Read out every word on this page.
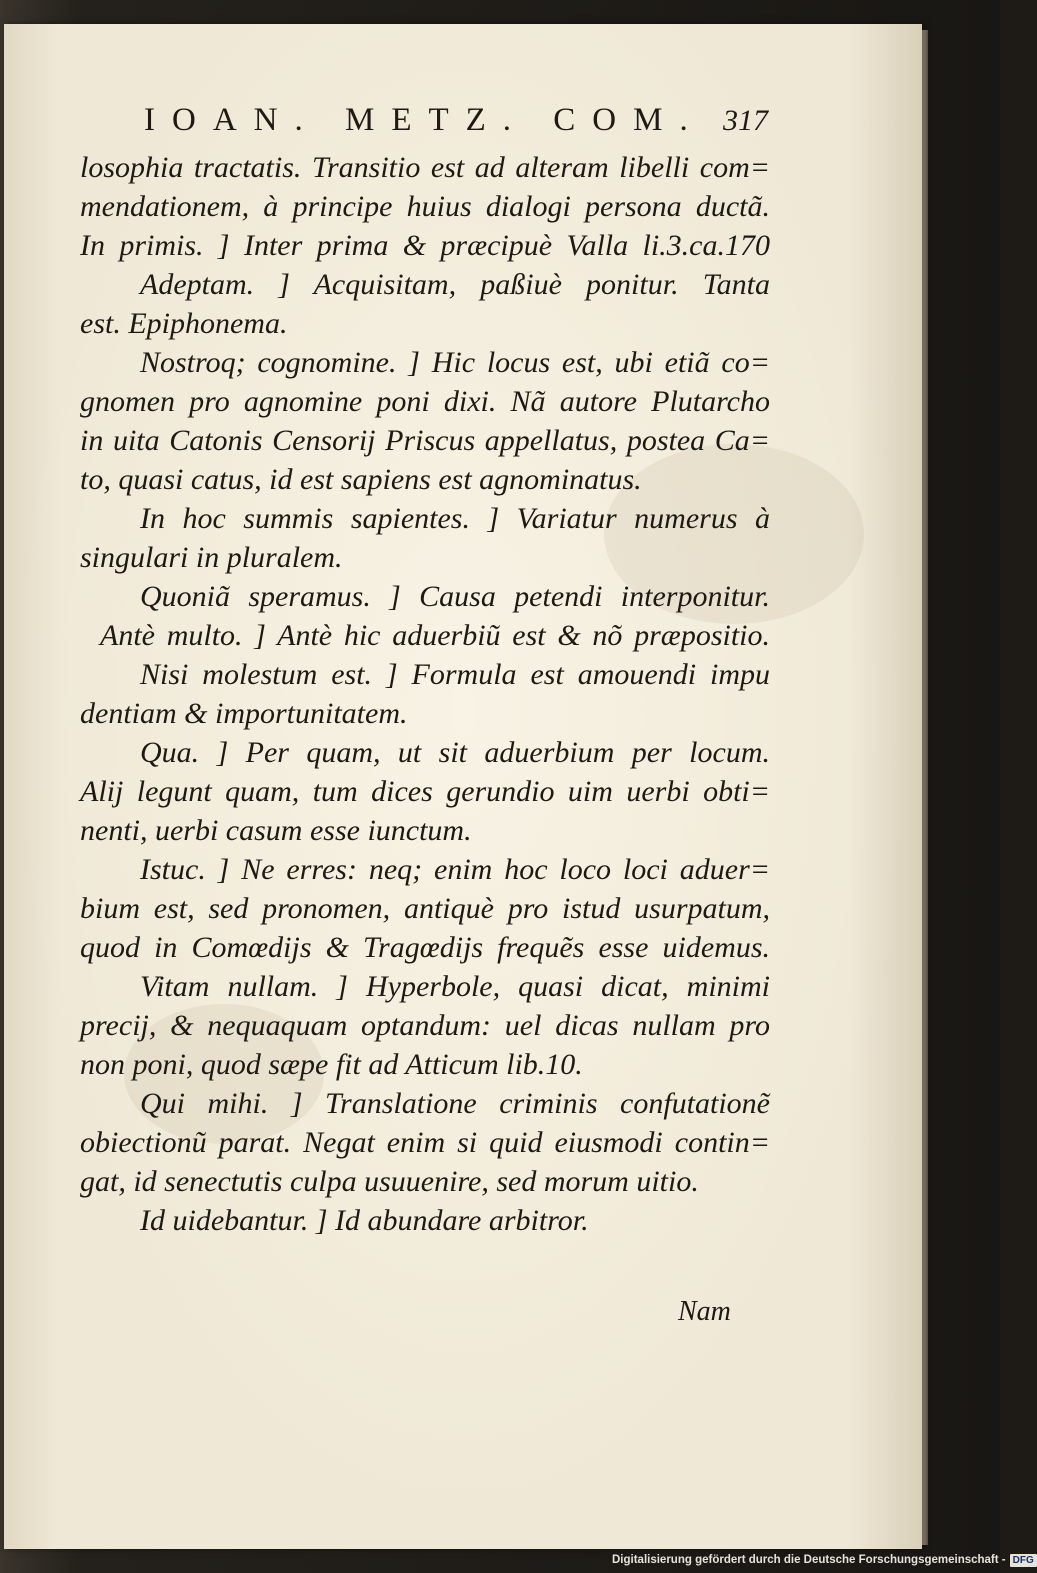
IOAN. METZ. COM. 317
losophia tractatis. Transitio est ad alteram libelli com=
mendationem, à principe huius dialogi persona ductã.
In primis. ] Inter prima & præcipuè Valla li.3.ca.170
Adeptam. ] Acquisitam, paßiuè ponitur. Tanta
est. Epiphonema.
Nostroq; cognomine. ] Hic locus est, ubi etiã co=
gnomen pro agnomine poni dixi. Nã autore Plutarcho
in uita Catonis Censorij Priscus appellatus, postea Ca=
to, quasi catus, id est sapiens est agnominatus.
In hoc summis sapientes. ] Variatur numerus à
singulari in pluralem.
Quoniã speramus. ] Causa petendi interponitur.
Antè multo. ] Antè hic aduerbiũ est & nõ præpositio.
Nisi molestum est. ] Formula est amouendi impu
dentiam & importunitatem.
Qua. ] Per quam, ut sit aduerbium per locum.
Alij legunt quam, tum dices gerundio uim uerbi obti=
nenti, uerbi casum esse iunctum.
Istuc. ] Ne erres: neq; enim hoc loco loci aduer=
bium est, sed pronomen, antiquè pro istud usurpatum,
quod in Comœdijs & Tragœdijs frequẽs esse uidemus.
Vitam nullam. ] Hyperbole, quasi dicat, minimi
precij, & nequaquam optandum: uel dicas nullam pro
non poni, quod sæpe fit ad Atticum lib.10.
Qui mihi. ] Translatione criminis confutationẽ
obiectionũ parat. Negat enim si quid eiusmodi contin=
gat, id senectutis culpa usuuenire, sed morum uitio.
Id uidebantur. ] Id abundare arbitror.
Nam
Digitalisierung gefördert durch die Deutsche Forschungsgemeinschaft - DFG
